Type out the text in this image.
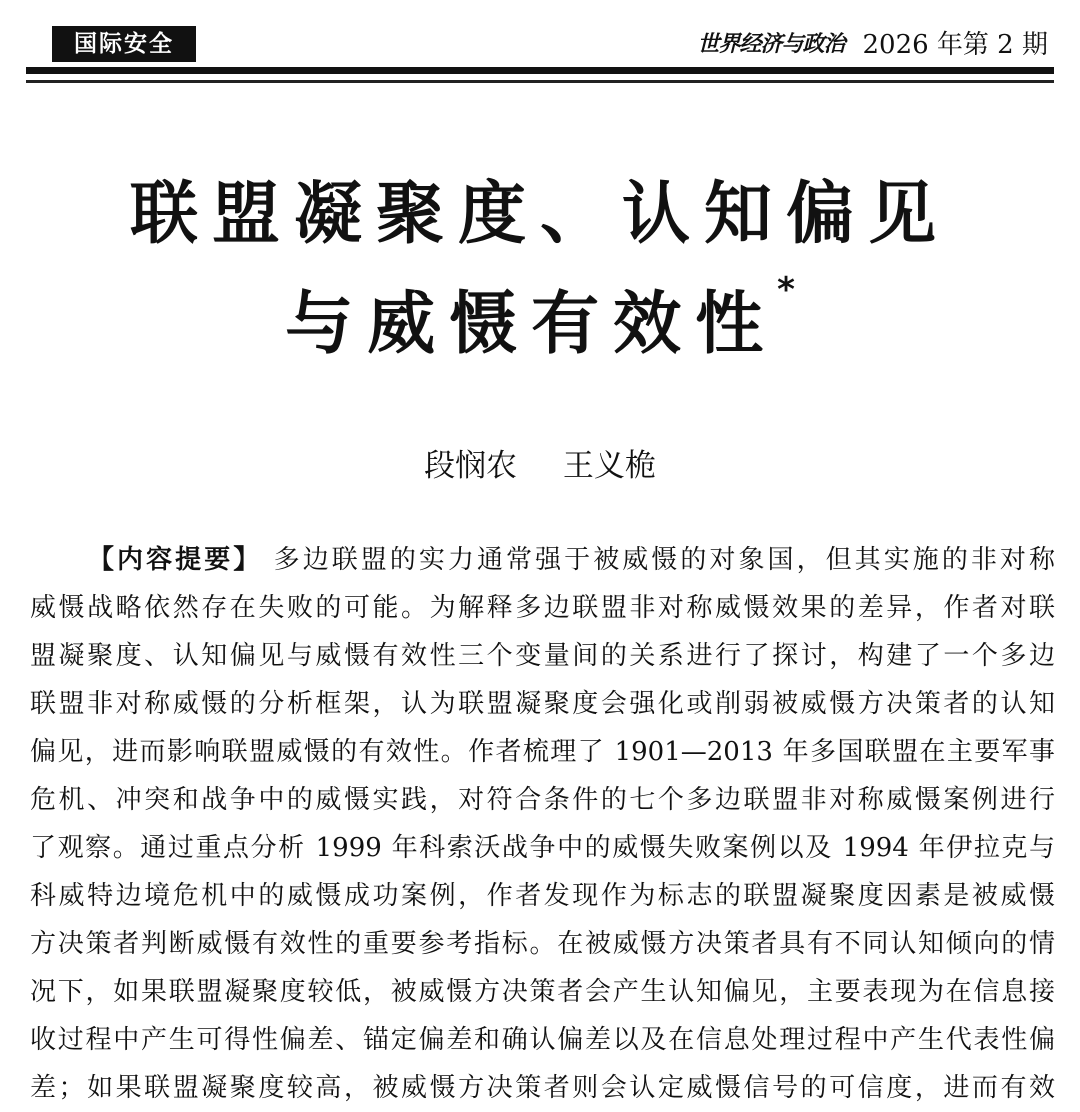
国际安全	世界经济与政治 2026 年第 2 期
联盟凝聚度、认知偏见
与威慑有效性*
段悯农 王义桅
【内容提要】 多边联盟的实力通常强于被威慑的对象国，但其实施的非对称
威慑战略依然存在失败的可能。为解释多边联盟非对称威慑效果的差异，作者对联
盟凝聚度、认知偏见与威慑有效性三个变量间的关系进行了探讨，构建了一个多边
联盟非对称威慑的分析框架，认为联盟凝聚度会强化或削弱被威慑方决策者的认知
偏见，进而影响联盟威慑的有效性。作者梳理了 1901—2013 年多国联盟在主要军事
危机、冲突和战争中的威慑实践，对符合条件的七个多边联盟非对称威慑案例进行
了观察。通过重点分析 1999 年科索沃战争中的威慑失败案例以及 1994 年伊拉克与
科威特边境危机中的威慑成功案例，作者发现作为标志的联盟凝聚度因素是被威慑
方决策者判断威慑有效性的重要参考指标。在被威慑方决策者具有不同认知倾向的情
况下，如果联盟凝聚度较低，被威慑方决策者会产生认知偏见，主要表现为在信息接
收过程中产生可得性偏差、锚定偏差和确认偏差以及在信息处理过程中产生代表性偏
差；如果联盟凝聚度较高，被威慑方决策者则会认定威慑信号的可信度，进而有效
